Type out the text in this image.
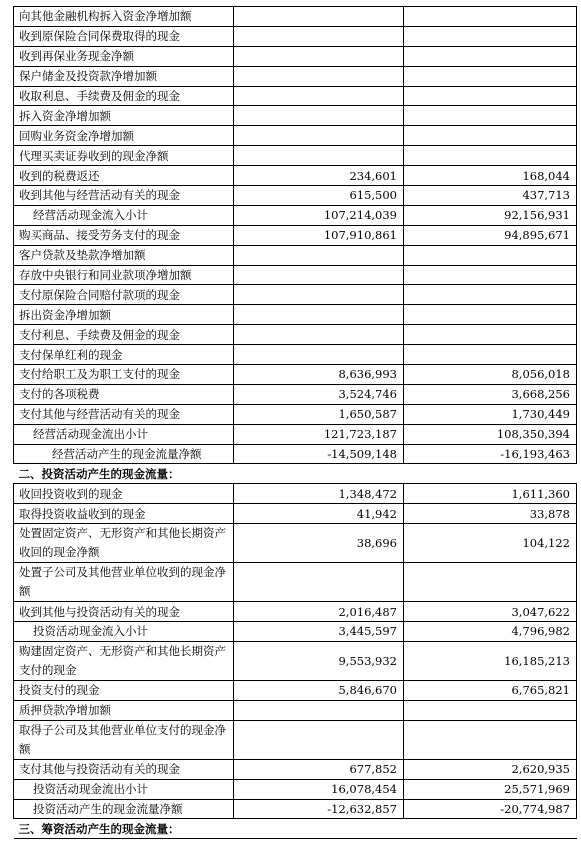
向其他金融机构拆入资金净增加额		
收到原保险合同保费取得的现金		
收到再保业务现金净额		
保户储金及投资款净增加额		
收取利息、手续费及佣金的现金		
拆入资金净增加额		
回购业务资金净增加额		
代理买卖证券收到的现金净额		
收到的税费返还	234,601	168,044
收到其他与经营活动有关的现金	615,500	437,713
经营活动现金流入小计	107,214,039	92,156,931
购买商品、接受劳务支付的现金	107,910,861	94,895,671
客户贷款及垫款净增加额		
存放中央银行和同业款项净增加额		
支付原保险合同赔付款项的现金		
拆出资金净增加额		
支付利息、手续费及佣金的现金		
支付保单红利的现金		
支付给职工及为职工支付的现金	8,636,993	8,056,018
支付的各项税费	3,524,746	3,668,256
支付其他与经营活动有关的现金	1,650,587	1,730,449
经营活动现金流出小计	121,723,187	108,350,394
经营活动产生的现金流量净额	-14,509,148	-16,193,463
二、投资活动产生的现金流量：		
收回投资收到的现金	1,348,472	1,611,360
取得投资收益收到的现金	41,942	33,878
处置固定资产、无形资产和其他长期资产收回的现金净额	38,696	104,122
处置子公司及其他营业单位收到的现金净额		
收到其他与投资活动有关的现金	2,016,487	3,047,622
投资活动现金流入小计	3,445,597	4,796,982
购建固定资产、无形资产和其他长期资产支付的现金	9,553,932	16,185,213
投资支付的现金	5,846,670	6,765,821
质押贷款净增加额		
取得子公司及其他营业单位支付的现金净额		
支付其他与投资活动有关的现金	677,852	2,620,935
投资活动现金流出小计	16,078,454	25,571,969
投资活动产生的现金流量净额	-12,632,857	-20,774,987
三、筹资活动产生的现金流量：		
